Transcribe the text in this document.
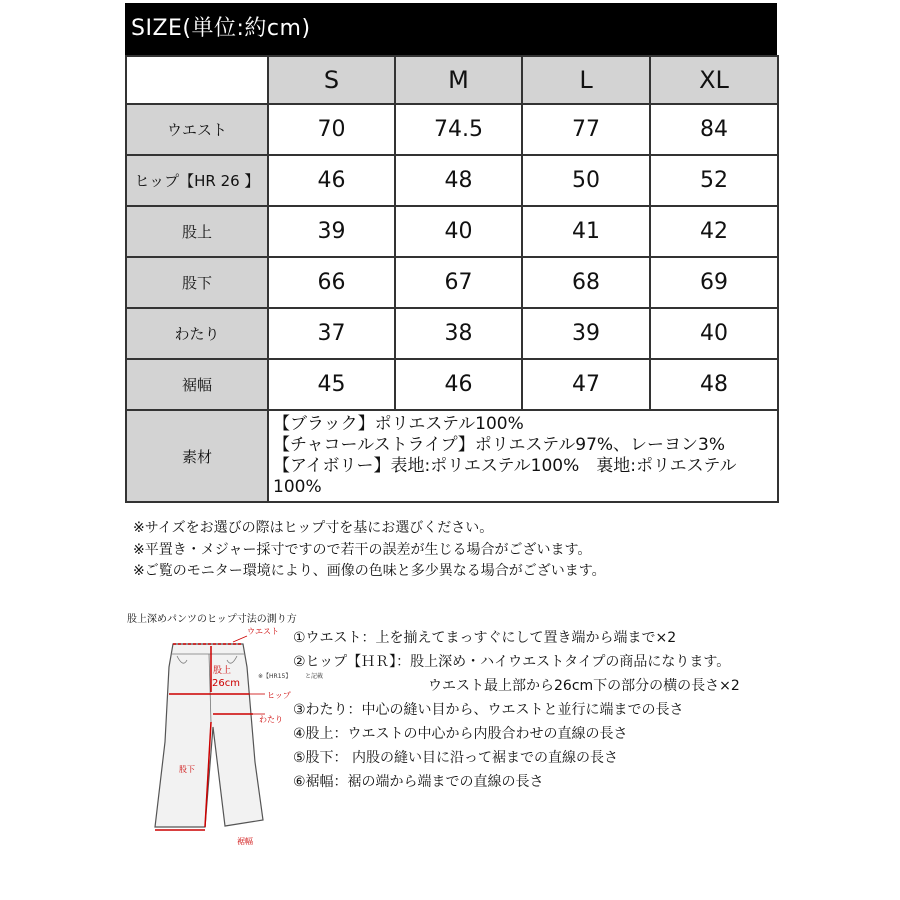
SIZE(単位:約cm)
	S	M	L	XL
ウエスト	70	74.5	77	84
ヒップ【HR 26 】	46	48	50	52
股上	39	40	41	42
股下	66	67	68	69
わたり	37	38	39	40
裾幅	45	46	47	48
素材	【ブラック】ポリエステル100%
【チャコールストライプ】ポリエステル97%、レーヨン3%
【アイボリー】表地:ポリエステル100%　裏地:ポリエステル100%			
※サイズをお選びの際はヒップ寸を基にお選びください。
※平置き・メジャー採寸ですので若干の誤差が生じる場合がございます。
※ご覧のモニター環境により、画像の色味と多少異なる場合がございます。
股上深めパンツのヒップ寸法の測り方
ウエスト
股上
26cm
※【HR15】 と記載
ヒップ
わたり
股下
裾幅
①ウエスト：上を揃えてまっすぐにして置き端から端まで×2
②ヒップ【ＨＲ】：股上深め・ハイウエストタイプの商品になります。
ウエスト最上部から26cm下の部分の横の長さ×2
③わたり：中心の縫い目から、ウエストと並行に端までの長さ
④股上：ウエストの中心から内股合わせの直線の長さ
⑤股下： 内股の縫い目に沿って裾までの直線の長さ
⑥裾幅：裾の端から端までの直線の長さ
